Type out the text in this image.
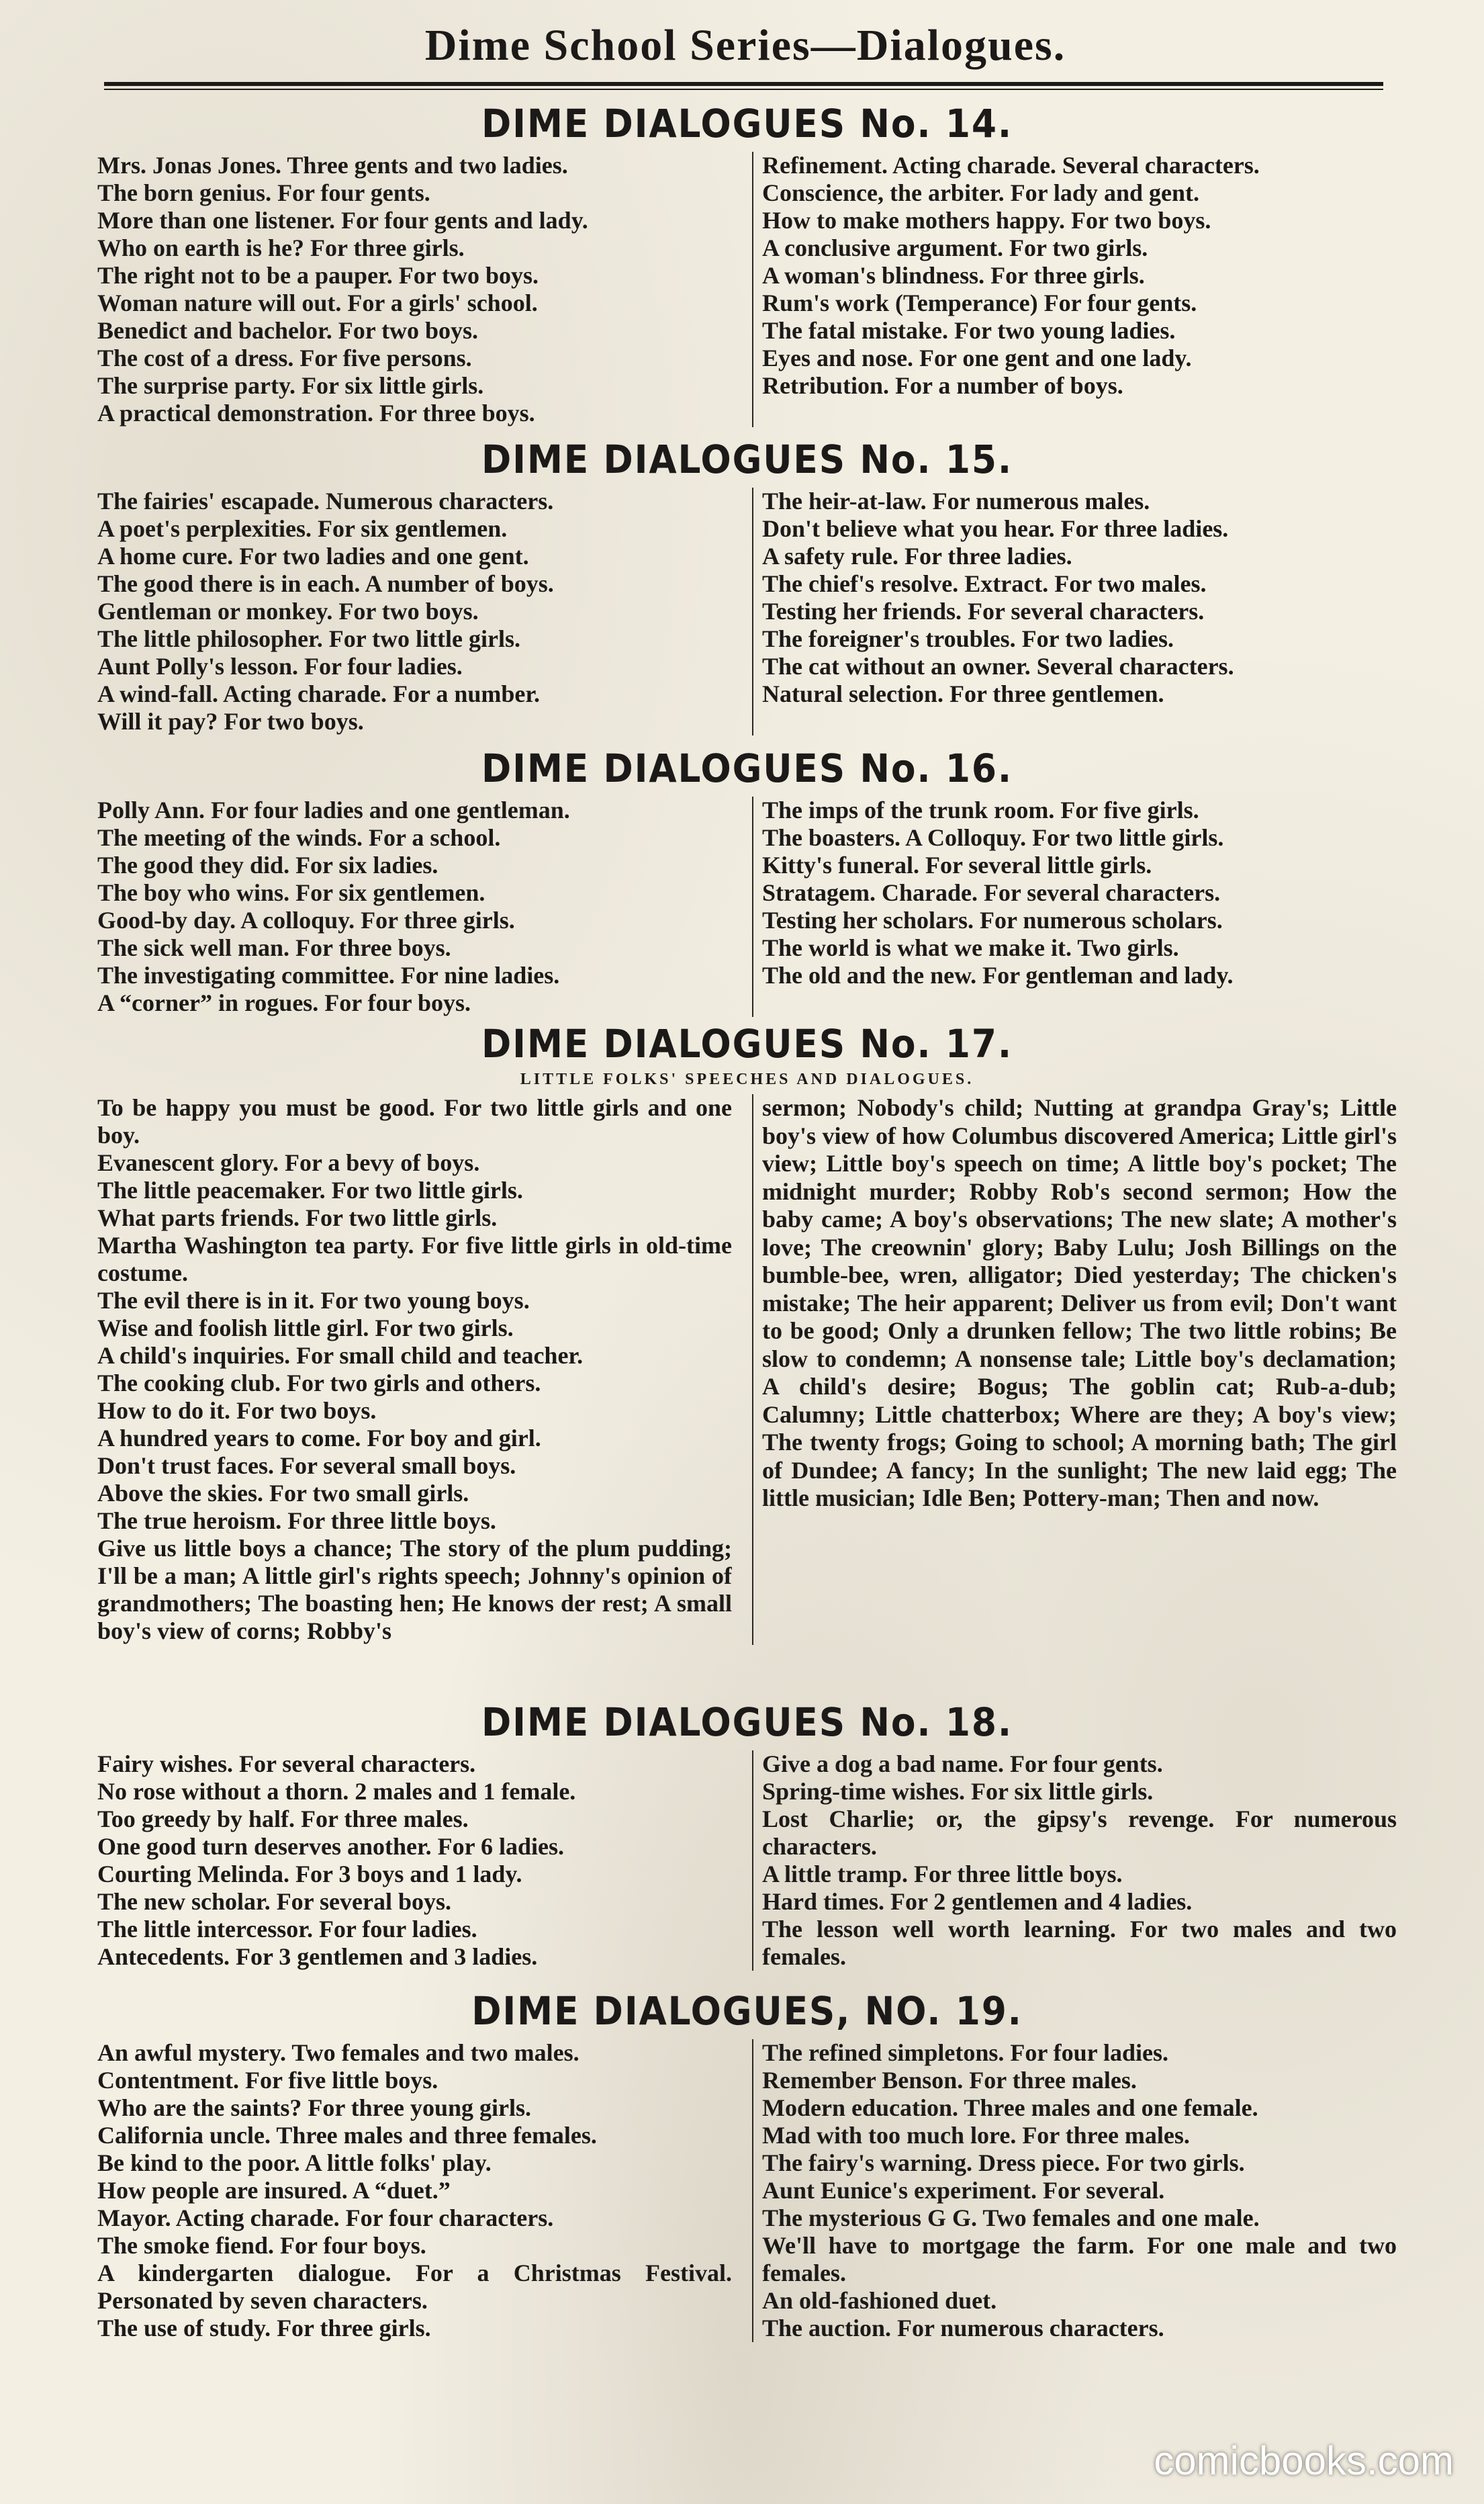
Dime School Series—Dialogues.
DIME DIALOGUES No. 14.
Mrs. Jonas Jones. Three gents and two ladies.
The born genius. For four gents.
More than one listener. For four gents and lady.
Who on earth is he? For three girls.
The right not to be a pauper. For two boys.
Woman nature will out. For a girls' school.
Benedict and bachelor. For two boys.
The cost of a dress. For five persons.
The surprise party. For six little girls.
A practical demonstration. For three boys.
Refinement. Acting charade. Several characters.
Conscience, the arbiter. For lady and gent.
How to make mothers happy. For two boys.
A conclusive argument. For two girls.
A woman's blindness. For three girls.
Rum's work (Temperance) For four gents.
The fatal mistake. For two young ladies.
Eyes and nose. For one gent and one lady.
Retribution. For a number of boys.
DIME DIALOGUES No. 15.
The fairies' escapade. Numerous characters.
A poet's perplexities. For six gentlemen.
A home cure. For two ladies and one gent.
The good there is in each. A number of boys.
Gentleman or monkey. For two boys.
The little philosopher. For two little girls.
Aunt Polly's lesson. For four ladies.
A wind-fall. Acting charade. For a number.
Will it pay? For two boys.
The heir-at-law. For numerous males.
Don't believe what you hear. For three ladies.
A safety rule. For three ladies.
The chief's resolve. Extract. For two males.
Testing her friends. For several characters.
The foreigner's troubles. For two ladies.
The cat without an owner. Several characters.
Natural selection. For three gentlemen.
DIME DIALOGUES No. 16.
Polly Ann. For four ladies and one gentleman.
The meeting of the winds. For a school.
The good they did. For six ladies.
The boy who wins. For six gentlemen.
Good-by day. A colloquy. For three girls.
The sick well man. For three boys.
The investigating committee. For nine ladies.
A “corner” in rogues. For four boys.
The imps of the trunk room. For five girls.
The boasters. A Colloquy. For two little girls.
Kitty's funeral. For several little girls.
Stratagem. Charade. For several characters.
Testing her scholars. For numerous scholars.
The world is what we make it. Two girls.
The old and the new. For gentleman and lady.
DIME DIALOGUES No. 17.
LITTLE FOLKS' SPEECHES AND DIALOGUES.
To be happy you must be good. For two little girls and one boy.
Evanescent glory. For a bevy of boys.
The little peacemaker. For two little girls.
What parts friends. For two little girls.
Martha Washington tea party. For five little girls in old-time costume.
The evil there is in it. For two young boys.
Wise and foolish little girl. For two girls.
A child's inquiries. For small child and teacher.
The cooking club. For two girls and others.
How to do it. For two boys.
A hundred years to come. For boy and girl.
Don't trust faces. For several small boys.
Above the skies. For two small girls.
The true heroism. For three little boys.
Give us little boys a chance; The story of the plum pudding; I'll be a man; A little girl's rights speech; Johnny's opinion of grandmothers; The boasting hen; He knows der rest; A small boy's view of corns; Robby's
sermon; Nobody's child; Nutting at grandpa Gray's; Little boy's view of how Columbus discovered America; Little girl's view; Little boy's speech on time; A little boy's pocket; The midnight murder; Robby Rob's second sermon; How the baby came; A boy's observations; The new slate; A mother's love; The creownin' glory; Baby Lulu; Josh Billings on the bumble-bee, wren, alligator; Died yesterday; The chicken's mistake; The heir apparent; Deliver us from evil; Don't want to be good; Only a drunken fellow; The two little robins; Be slow to condemn; A nonsense tale; Little boy's declamation; A child's desire; Bogus; The goblin cat; Rub-a-dub; Calumny; Little chatterbox; Where are they; A boy's view; The twenty frogs; Going to school; A morning bath; The girl of Dundee; A fancy; In the sunlight; The new laid egg; The little musician; Idle Ben; Pottery-man; Then and now.
DIME DIALOGUES No. 18.
Fairy wishes. For several characters.
No rose without a thorn. 2 males and 1 female.
Too greedy by half. For three males.
One good turn deserves another. For 6 ladies.
Courting Melinda. For 3 boys and 1 lady.
The new scholar. For several boys.
The little intercessor. For four ladies.
Antecedents. For 3 gentlemen and 3 ladies.
Give a dog a bad name. For four gents.
Spring-time wishes. For six little girls.
Lost Charlie; or, the gipsy's revenge. For numerous characters.
A little tramp. For three little boys.
Hard times. For 2 gentlemen and 4 ladies.
The lesson well worth learning. For two males and two females.
DIME DIALOGUES, NO. 19.
An awful mystery. Two females and two males.
Contentment. For five little boys.
Who are the saints? For three young girls.
California uncle. Three males and three females.
Be kind to the poor. A little folks' play.
How people are insured. A “duet.”
Mayor. Acting charade. For four characters.
The smoke fiend. For four boys.
A kindergarten dialogue. For a Christmas Festival. Personated by seven characters.
The use of study. For three girls.
The refined simpletons. For four ladies.
Remember Benson. For three males.
Modern education. Three males and one female.
Mad with too much lore. For three males.
The fairy's warning. Dress piece. For two girls.
Aunt Eunice's experiment. For several.
The mysterious G G. Two females and one male.
We'll have to mortgage the farm. For one male and two females.
An old-fashioned duet.
The auction. For numerous characters.
comicbooks.com
